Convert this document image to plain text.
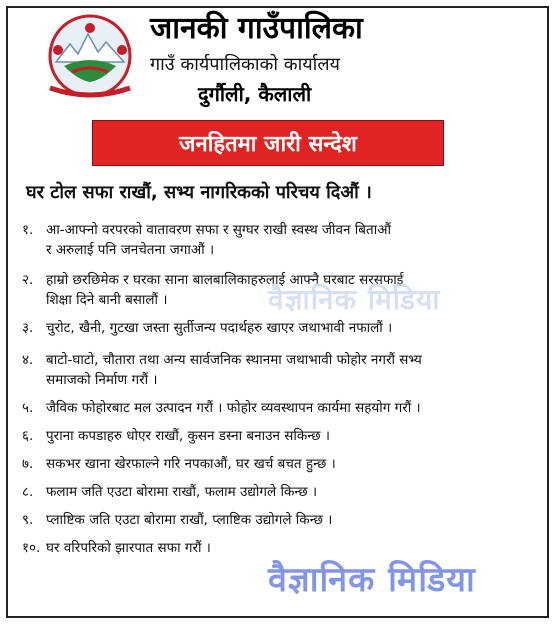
जानकी गाउँपालिका
गाउँ कार्यपालिकाको कार्यालय
दुर्गौली, कैलाली
जनहितमा जारी सन्देश
घर टोल सफा राखौं, सभ्य नागरिकको परिचय दिऔं ।
१. आ-आफ्नो वरपरको वातावरण सफा र सुग्घर राखी स्वस्थ जीवन बिताऔं
र अरुलाई पनि जनचेतना जगाऔं ।
२. हाम्रो छरछिमेक र घरका साना बालबालिकाहरुलाई आफ्नै घरबाट सरसफाई
शिक्षा दिने बानी बसालौं ।
३. चुरोट, खैनी, गुटखा जस्ता सुर्तीजन्य पदार्थहरु खाएर जथाभावी नफालौं ।
४. बाटो-घाटो, चौतारा तथा अन्य सार्वजनिक स्थानमा जथाभावी फोहोर नगरौं सभ्य
समाजको निर्माण गरौं ।
५. जैविक फोहोरबाट मल उत्पादन गरौं । फोहोर व्यवस्थापन कार्यमा सहयोग गरौं ।
६. पुराना कपडाहरु धोएर राखौं, कुसन डस्ना बनाउन सकिन्छ ।
७. सकभर खाना खेरफाल्ने गरि नपकाऔं, घर खर्च बचत हुन्छ ।
८. फलाम जति एउटा बोरामा राखौं, फलाम उद्योगले किन्छ ।
९. प्लाष्टिक जति एउटा बोरामा राखौं, प्लाष्टिक उद्योगले किन्छ ।
१०. घर वरिपरिको झारपात सफा गरौं ।
वैज्ञानिक मिडिया
वैज्ञानिक मिडिया
